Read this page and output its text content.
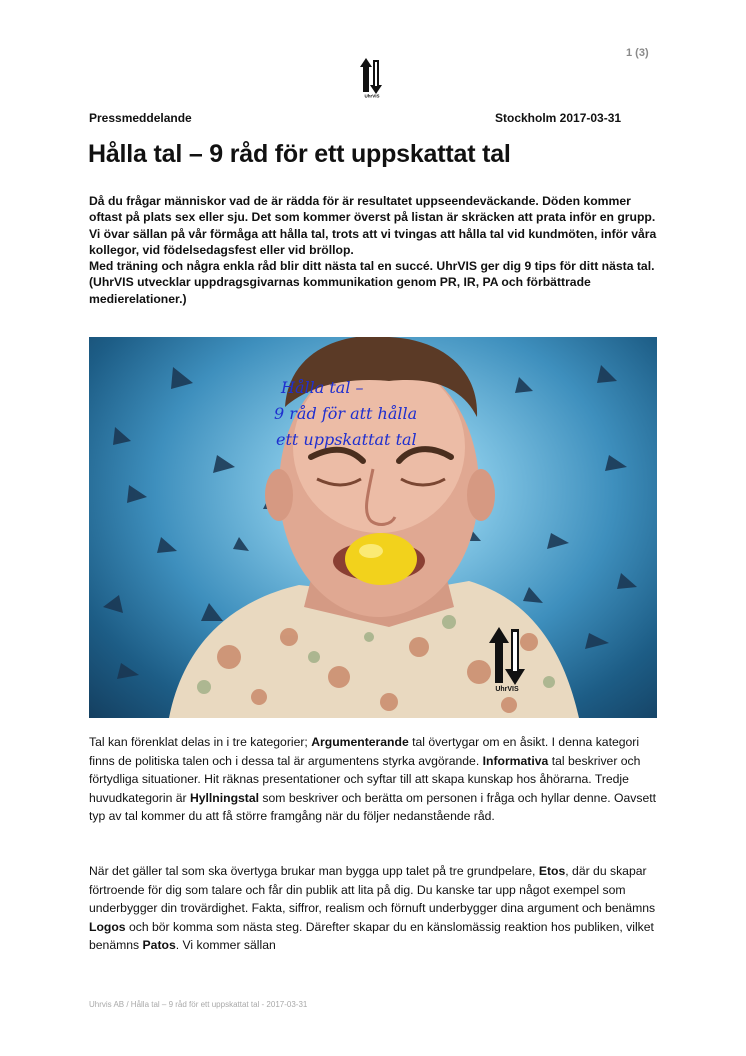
1 (3)
UhrVIS
Pressmeddelande	Stockholm 2017-03-31
Hålla tal – 9 råd för ett uppskattat tal

Då du frågar människor vad de är rädda för är resultatet uppseendeväckande. Döden kommer oftast på plats sex eller sju. Det som kommer överst på listan är skräcken att prata inför en grupp. Vi övar sällan på vår förmåga att hålla tal, trots att vi tvingas att hålla tal vid kundmöten, inför våra kollegor, vid födelsedagsfest eller vid bröllop.

Med träning och några enkla råd blir ditt nästa tal en succé. UhrVIS ger dig 9 tips för ditt nästa tal. (UhrVIS utvecklar uppdragsgivarnas kommunikation genom PR, IR, PA och förbättrade medierelationer.)

UhrVIS
Hålla tal –
9 råd för att hålla
ett uppskattat tal
Tal kan förenklat delas in i tre kategorier; Argumenterande tal övertygar om en åsikt. I denna kategori finns de politiska talen och i dessa tal är argumentens styrka avgörande. Informativa tal beskriver och förtydliga situationer. Hit räknas presentationer och syftar till att skapa kunskap hos åhörarna. Tredje huvudkategorin är Hyllningstal som beskriver och berätta om personen i fråga och hyllar denne. Oavsett typ av tal kommer du att få större framgång när du följer nedanstående råd.
När det gäller tal som ska övertyga brukar man bygga upp talet på tre grundpelare, Etos, där du skapar förtroende för dig som talare och får din publik att lita på dig. Du kanske tar upp något exempel som underbygger din trovärdighet. Fakta, siffror, realism och förnuft underbygger dina argument och benämns Logos och bör komma som nästa steg. Därefter skapar du en känslomässig reaktion hos publiken, vilket benämns Patos. Vi kommer sällan
Uhrvis AB / Hålla tal – 9 råd för ett uppskattat tal - 2017-03-31
